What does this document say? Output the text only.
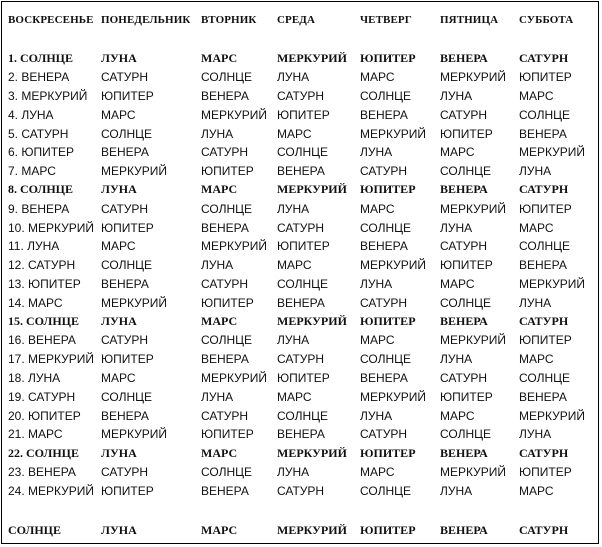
ВОСКРЕСЕНЬЕ	ПОНЕДЕЛЬНИК	ВТОРНИК	СРЕДА	ЧЕТВЕРГ	ПЯТНИЦА	СУББОТА

1. СОЛНЦЕ	ЛУНА	МАРС	МЕРКУРИЙ	ЮПИТЕР	ВЕНЕРА	САТУРН
2. ВЕНЕРА	САТУРН	СОЛНЦЕ	ЛУНА	МАРС	МЕРКУРИЙ	ЮПИТЕР
3. МЕРКУРИЙ	ЮПИТЕР	ВЕНЕРА	САТУРН	СОЛНЦЕ	ЛУНА	МАРС
4. ЛУНА	МАРС	МЕРКУРИЙ	ЮПИТЕР	ВЕНЕРА	САТУРН	СОЛНЦЕ
5. САТУРН	СОЛНЦЕ	ЛУНА	МАРС	МЕРКУРИЙ	ЮПИТЕР	ВЕНЕРА
6. ЮПИТЕР	ВЕНЕРА	САТУРН	СОЛНЦЕ	ЛУНА	МАРС	МЕРКУРИЙ
7. МАРС	МЕРКУРИЙ	ЮПИТЕР	ВЕНЕРА	САТУРН	СОЛНЦЕ	ЛУНА
8. СОЛНЦЕ	ЛУНА	МАРС	МЕРКУРИЙ	ЮПИТЕР	ВЕНЕРА	САТУРН
9. ВЕНЕРА	САТУРН	СОЛНЦЕ	ЛУНА	МАРС	МЕРКУРИЙ	ЮПИТЕР
10. МЕРКУРИЙ	ЮПИТЕР	ВЕНЕРА	САТУРН	СОЛНЦЕ	ЛУНА	МАРС
11. ЛУНА	МАРС	МЕРКУРИЙ	ЮПИТЕР	ВЕНЕРА	САТУРН	СОЛНЦЕ
12. САТУРН	СОЛНЦЕ	ЛУНА	МАРС	МЕРКУРИЙ	ЮПИТЕР	ВЕНЕРА
13. ЮПИТЕР	ВЕНЕРА	САТУРН	СОЛНЦЕ	ЛУНА	МАРС	МЕРКУРИЙ
14. МАРС	МЕРКУРИЙ	ЮПИТЕР	ВЕНЕРА	САТУРН	СОЛНЦЕ	ЛУНА
15. СОЛНЦЕ	ЛУНА	МАРС	МЕРКУРИЙ	ЮПИТЕР	ВЕНЕРА	САТУРН
16. ВЕНЕРА	САТУРН	СОЛНЦЕ	ЛУНА	МАРС	МЕРКУРИЙ	ЮПИТЕР
17. МЕРКУРИЙ	ЮПИТЕР	ВЕНЕРА	САТУРН	СОЛНЦЕ	ЛУНА	МАРС
18. ЛУНА	МАРС	МЕРКУРИЙ	ЮПИТЕР	ВЕНЕРА	САТУРН	СОЛНЦЕ
19. САТУРН	СОЛНЦЕ	ЛУНА	МАРС	МЕРКУРИЙ	ЮПИТЕР	ВЕНЕРА
20. ЮПИТЕР	ВЕНЕРА	САТУРН	СОЛНЦЕ	ЛУНА	МАРС	МЕРКУРИЙ
21. МАРС	МЕРКУРИЙ	ЮПИТЕР	ВЕНЕРА	САТУРН	СОЛНЦЕ	ЛУНА
22. СОЛНЦЕ	ЛУНА	МАРС	МЕРКУРИЙ	ЮПИТЕР	ВЕНЕРА	САТУРН
23. ВЕНЕРА	САТУРН	СОЛНЦЕ	ЛУНА	МАРС	МЕРКУРИЙ	ЮПИТЕР
24. МЕРКУРИЙ	ЮПИТЕР	ВЕНЕРА	САТУРН	СОЛНЦЕ	ЛУНА	МАРС
СОЛНЦЕ	ЛУНА	МАРС	МЕРКУРИЙ	ЮПИТЕР	ВЕНЕРА	САТУРН
